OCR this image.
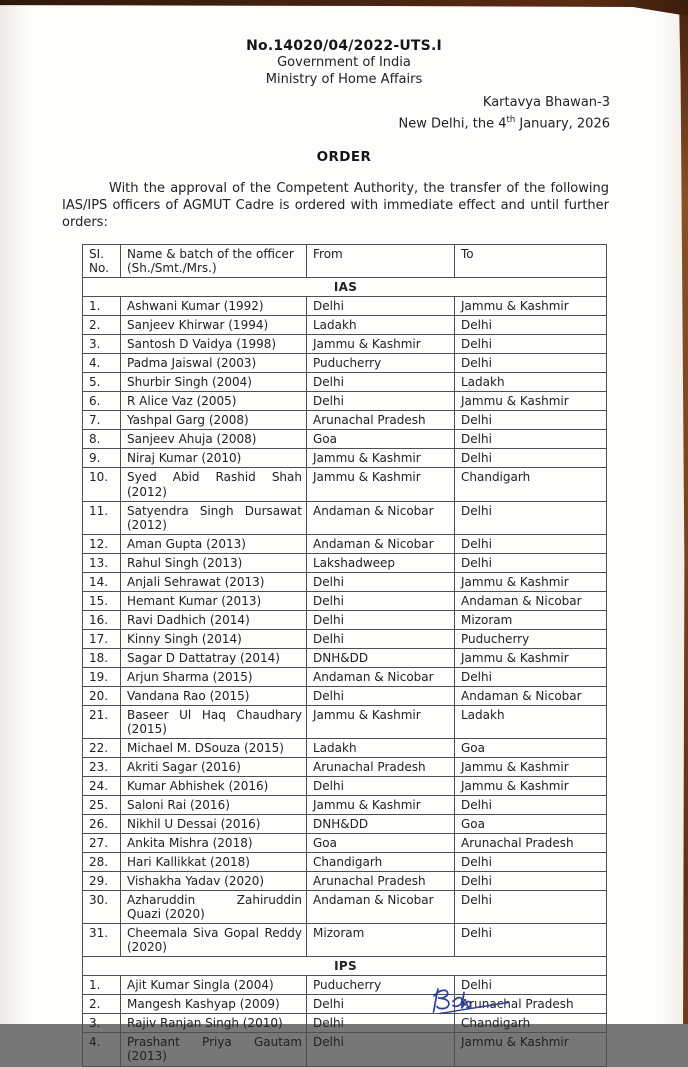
No.14020/04/2022-UTS.I
Government of India
Ministry of Home Affairs
Kartavya Bhawan-3
New Delhi, the 4th January, 2026
ORDER

With the approval of the Competent Authority, the transfer of the following IAS/IPS officers of AGMUT Cadre is ordered with immediate effect and until further orders:

SI. No.	Name & batch of the officer (Sh./Smt./Mrs.)	From	To
IAS			
1.	Ashwani Kumar (1992)	Delhi	Jammu & Kashmir
2.	Sanjeev Khirwar (1994)	Ladakh	Delhi
3.	Santosh D Vaidya (1998)	Jammu & Kashmir	Delhi
4.	Padma Jaiswal (2003)	Puducherry	Delhi
5.	Shurbir Singh (2004)	Delhi	Ladakh
6.	R Alice Vaz (2005)	Delhi	Jammu & Kashmir
7.	Yashpal Garg (2008)	Arunachal Pradesh	Delhi
8.	Sanjeev Ahuja (2008)	Goa	Delhi
9.	Niraj Kumar (2010)	Jammu & Kashmir	Delhi
10.	Syed Abid Rashid Shah (2012)	Jammu & Kashmir	Chandigarh
11.	Satyendra Singh Dursawat (2012)	Andaman & Nicobar	Delhi
12.	Aman Gupta (2013)	Andaman & Nicobar	Delhi
13.	Rahul Singh (2013)	Lakshadweep	Delhi
14.	Anjali Sehrawat (2013)	Delhi	Jammu & Kashmir
15.	Hemant Kumar (2013)	Delhi	Andaman & Nicobar
16.	Ravi Dadhich (2014)	Delhi	Mizoram
17.	Kinny Singh (2014)	Delhi	Puducherry
18.	Sagar D Dattatray (2014)	DNH&DD	Jammu & Kashmir
19.	Arjun Sharma (2015)	Andaman & Nicobar	Delhi
20.	Vandana Rao (2015)	Delhi	Andaman & Nicobar
21.	Baseer Ul Haq Chaudhary (2015)	Jammu & Kashmir	Ladakh
22.	Michael M. DSouza (2015)	Ladakh	Goa
23.	Akriti Sagar (2016)	Arunachal Pradesh	Jammu & Kashmir
24.	Kumar Abhishek (2016)	Delhi	Jammu & Kashmir
25.	Saloni Rai (2016)	Jammu & Kashmir	Delhi
26.	Nikhil U Dessai (2016)	DNH&DD	Goa
27.	Ankita Mishra (2018)	Goa	Arunachal Pradesh
28.	Hari Kallikkat (2018)	Chandigarh	Delhi
29.	Vishakha Yadav (2020)	Arunachal Pradesh	Delhi
30.	Azharuddin Zahiruddin Quazi (2020)	Andaman & Nicobar	Delhi
31.	Cheemala Siva Gopal Reddy (2020)	Mizoram	Delhi
IPS			
1.	Ajit Kumar Singla (2004)	Puducherry	Delhi
2.	Mangesh Kashyap (2009)	Delhi	Arunachal Pradesh
3.	Rajiv Ranjan Singh (2010)	Delhi	Chandigarh
4.	Prashant Priya Gautam (2013)	Delhi	Jammu & Kashmir
